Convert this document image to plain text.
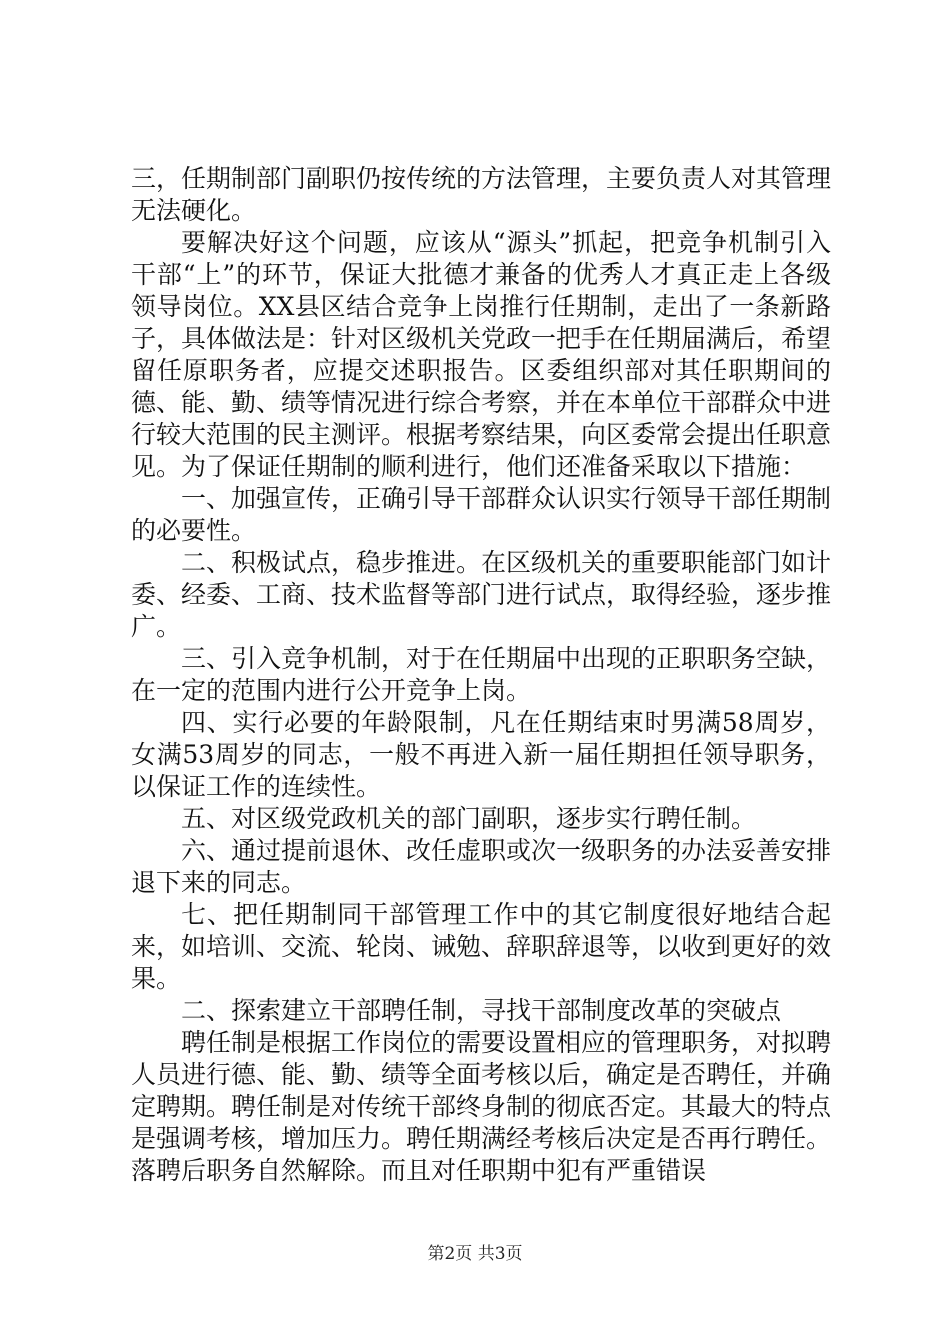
三，任期制部门副职仍按传统的方法管理，主要负责人对其管理无法硬化。

要解决好这个问题，应该从“源头”抓起，把竞争机制引入干部“上”的环节，保证大批德才兼备的优秀人才真正走上各级领导岗位。XX县区结合竞争上岗推行任期制，走出了一条新路子，具体做法是：针对区级机关党政一把手在任期届满后，希望留任原职务者，应提交述职报告。区委组织部对其任职期间的德、能、勤、绩等情况进行综合考察，并在本单位干部群众中进行较大范围的民主测评。根据考察结果，向区委常会提出任职意见。为了保证任期制的顺利进行，他们还准备采取以下措施：

一、加强宣传，正确引导干部群众认识实行领导干部任期制的必要性。

二、积极试点，稳步推进。在区级机关的重要职能部门如计委、经委、工商、技术监督等部门进行试点，取得经验，逐步推广。

三、引入竞争机制，对于在任期届中出现的正职职务空缺，在一定的范围内进行公开竞争上岗。

四、实行必要的年龄限制，凡在任期结束时男满58周岁，女满53周岁的同志，一般不再进入新一届任期担任领导职务，以保证工作的连续性。

五、对区级党政机关的部门副职，逐步实行聘任制。

六、通过提前退休、改任虚职或次一级职务的办法妥善安排退下来的同志。

七、把任期制同干部管理工作中的其它制度很好地结合起来，如培训、交流、轮岗、诫勉、辞职辞退等，以收到更好的效果。

二、探索建立干部聘任制，寻找干部制度改革的突破点

聘任制是根据工作岗位的需要设置相应的管理职务，对拟聘人员进行德、能、勤、绩等全面考核以后，确定是否聘任，并确定聘期。聘任制是对传统干部终身制的彻底否定。其最大的特点是强调考核，增加压力。聘任期满经考核后决定是否再行聘任。落聘后职务自然解除。而且对任职期中犯有严重错误

第2页 共3页
